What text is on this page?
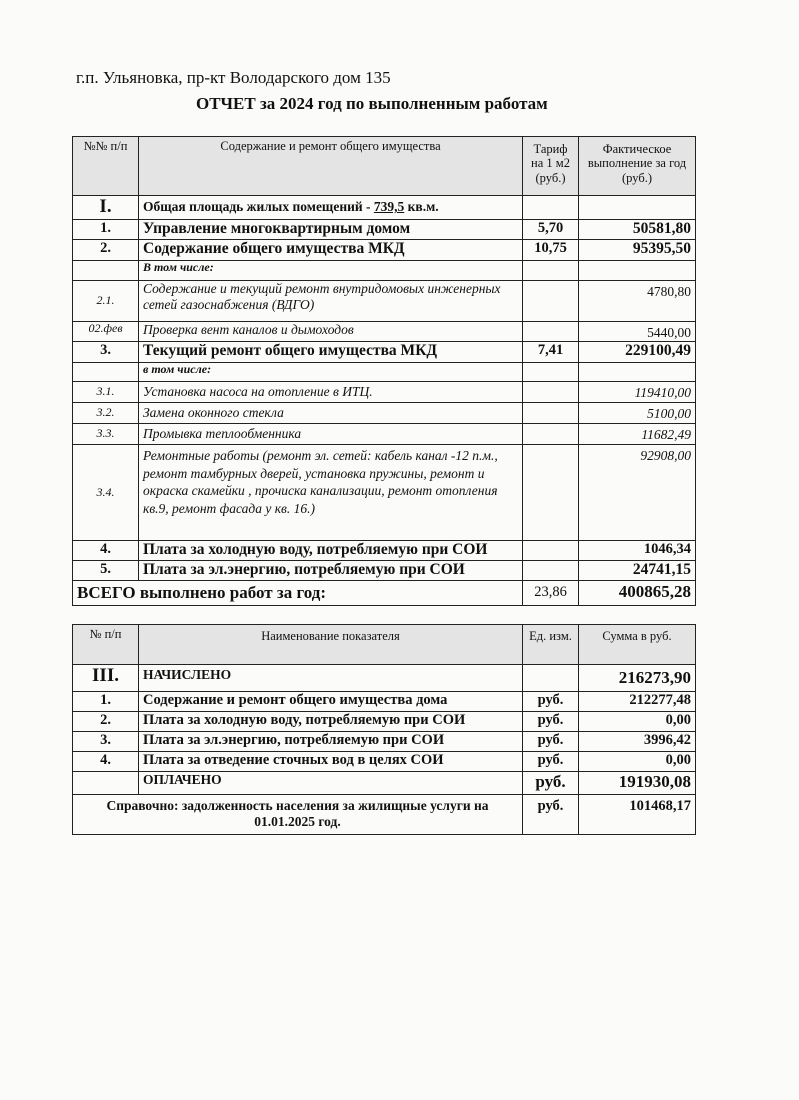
г.п. Ульяновка, пр-кт Володарского дом 135
ОТЧЕТ за 2024 год по выполненным работам
№№ п/п	Содержание и ремонт общего имущества	Тариф на 1 м2 (руб.)	Фактическое выполнение за год (руб.)
I.	Общая площадь жилых помещений - 739,5 кв.м.		
1.	Управление многоквартирным домом	5,70	50581,80
2.	Содержание общего имущества МКД	10,75	95395,50
	В том числе:		
2.1.	Содержание и текущий ремонт внутридомовых инженерных сетей газоснабжения (ВДГО)		4780,80
02.фев	Проверка вент каналов и дымоходов		5440,00
3.	Текущий ремонт общего имущества МКД	7,41	229100,49
	в том числе:		
3.1.	Установка насоса на отопление в ИТЦ.		119410,00
3.2.	Замена оконного стекла		5100,00
3.3.	Промывка теплообменника		11682,49
3.4.	Ремонтные работы (ремонт эл. сетей: кабель канал -12 п.м., ремонт тамбурных дверей, установка пружины, ремонт и окраска скамейки , прочиска канализации, ремонт отопления кв.9, ремонт фасада у кв. 16.)		92908,00
4.	Плата за холодную воду, потребляемую при СОИ		1046,34
5.	Плата за эл.энергию, потребляемую при СОИ		24741,15
ВСЕГО выполнено работ за год:		23,86	400865,28
№ п/п	Наименование показателя	Ед. изм.	Сумма в руб.
III.	НАЧИСЛЕНО		216273,90
1.	Содержание и ремонт общего имущества дома	руб.	212277,48
2.	Плата за холодную воду, потребляемую при СОИ	руб.	0,00
3.	Плата за эл.энергию, потребляемую при СОИ	руб.	3996,42
4.	Плата за отведение сточных вод в целях СОИ	руб.	0,00
	ОПЛАЧЕНО	руб.	191930,08
Справочно: задолженность населения за жилищные услуги на 01.01.2025 год.		руб.	101468,17
